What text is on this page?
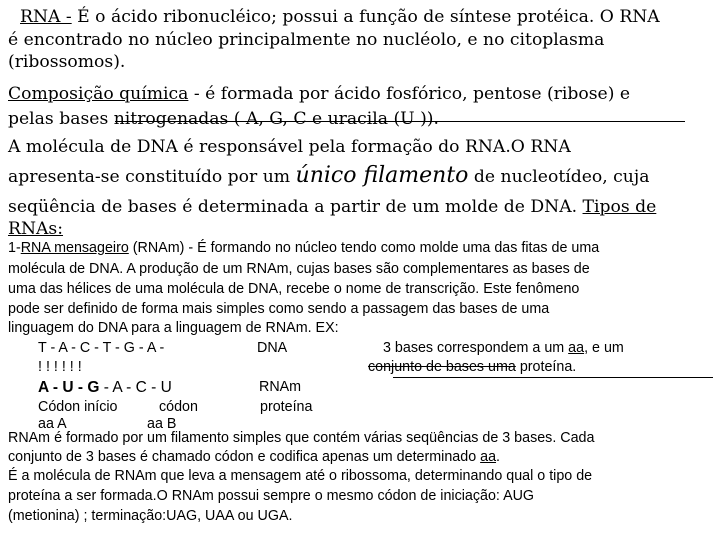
RNA - É o ácido ribonucléico; possui a função de síntese protéica. O RNA
é encontrado no núcleo principalmente no nucléolo, e no citoplasma
(ribossomos).
Composição química - é formada por ácido fosfórico, pentose (ribose) e
pelas bases nitrogenadas ( A, G, C e uracila (U )).
A molécula de DNA é responsável pela formação do RNA.O RNA
apresenta-se constituído por um único filamento de nucleotídeo, cuja
seqüência de bases é determinada a partir de um molde de DNA. Tipos de
RNAs:
1-RNA mensageiro (RNAm) - É formando no núcleo tendo como molde uma das fitas de uma
molécula de DNA. A produção de um RNAm, cujas bases são complementares as bases de
uma das hélices de uma molécula de DNA, recebe o nome de transcrição. Este fenômeno
pode ser definido de forma mais simples como sendo a passagem das bases de uma
linguagem do DNA para a linguagem de RNAm. EX:
T - A - C - T - G - A -	DNA	3 bases correspondem a um aa, e um
! ! ! ! ! !	conjunto de bases uma proteína.
A - U - G - A - C - U	RNAm
Códon início	códon	proteína
aa A	aa B
RNAm é formado por um filamento simples que contém várias seqüências de 3 bases. Cada
conjunto de 3 bases é chamado códon e codifica apenas um determinado aa.
É a molécula de RNAm que leva a mensagem até o ribossoma, determinando qual o tipo de
proteína a ser formada.O RNAm possui sempre o mesmo códon de iniciação: AUG
(metionina) ; terminação:UAG, UAA ou UGA.
